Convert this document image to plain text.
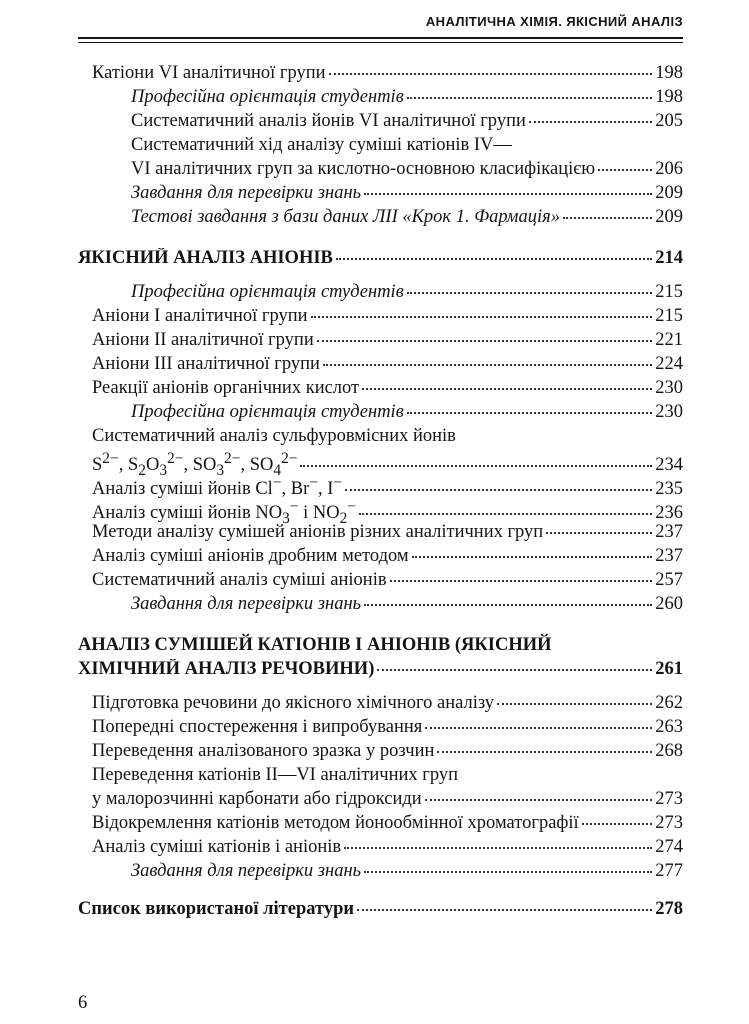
АНАЛІТИЧНА ХІМІЯ. ЯКІСНИЙ АНАЛІЗ
Катіони VI аналітичної групи	198
Професійна орієнтація студентів	198
Систематичний аналіз йонів VI аналітичної групи	205
Систематичний хід аналізу суміші катіонів IV—
VI аналітичних груп за кислотно-основною класифікацією	206
Завдання для перевірки знань	209
Тестові завдання з бази даних ЛІІ «Крок 1. Фармація»	209
ЯКІСНИЙ АНАЛІЗ АНІОНІВ	214
Професійна орієнтація студентів	215
Аніони I аналітичної групи	215
Аніони II аналітичної групи	221
Аніони III аналітичної групи	224
Реакції аніонів органічних кислот	230
Професійна орієнтація студентів	230
Систематичний аналіз сульфуровмісних йонів
$S^{2-}$, $S_2O_3^{2-}$, $SO_3^{2-}$, $SO_4^{2-}$	234
Аналіз суміші йонів Cl−, Br−, I−	235
Аналіз суміші йонів $NO_3^-$ і $NO_2^-$	236
Методи аналізу сумішей аніонів різних аналітичних груп	237
Аналіз суміші аніонів дробним методом	237
Систематичний аналіз суміші аніонів	257
Завдання для перевірки знань	260
АНАЛІЗ СУМІШЕЙ КАТІОНІВ І АНІОНІВ (ЯКІСНИЙ
ХІМІЧНИЙ АНАЛІЗ РЕЧОВИНИ)	261
Підготовка речовини до якісного хімічного аналізу	262
Попередні спостереження і випробування	263
Переведення аналізованого зразка у розчин	268
Переведення катіонів II—VI аналітичних груп
у малорозчинні карбонати або гідроксиди	273
Відокремлення катіонів методом йонообмінної хроматографії	273
Аналіз суміші катіонів і аніонів	274
Завдання для перевірки знань	277
Список використаної літератури	278
6
